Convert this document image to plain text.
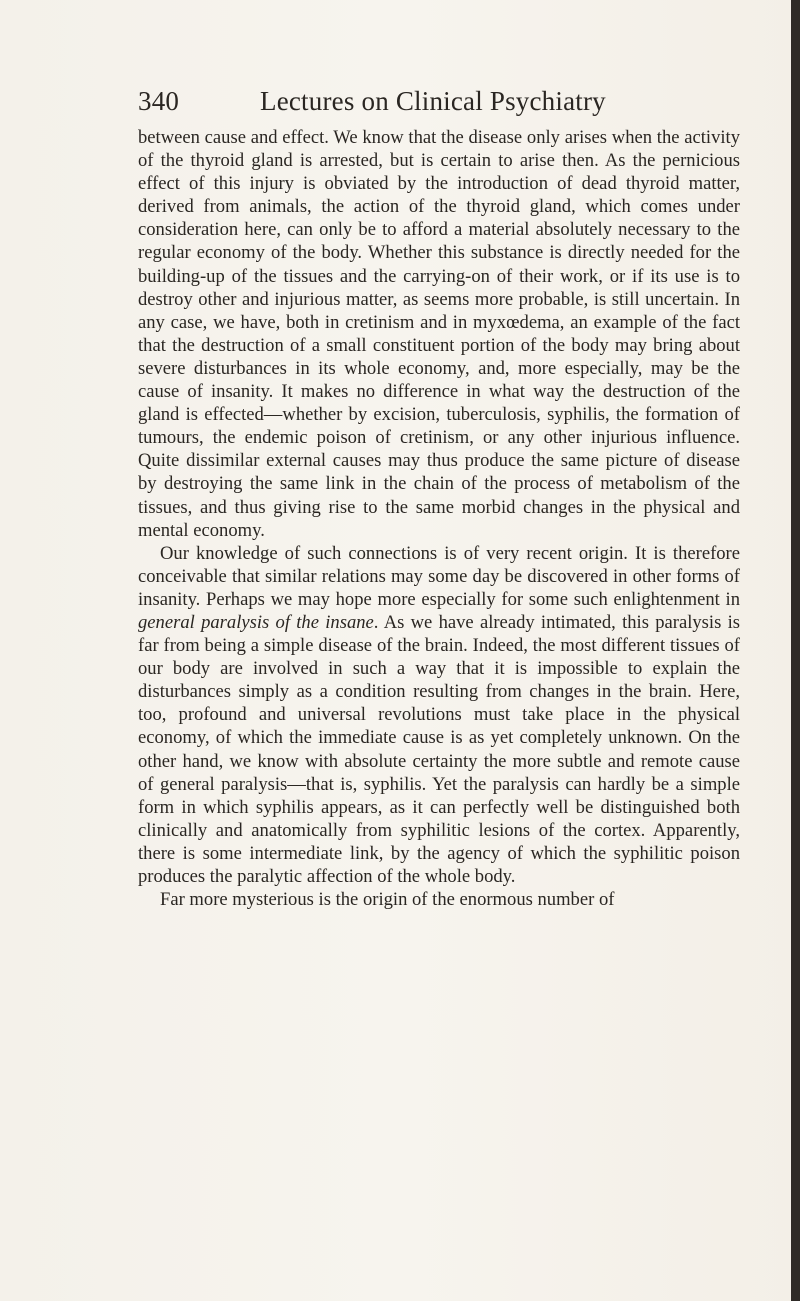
340	Lectures on Clinical Psychiatry

between cause and effect. We know that the disease only arises when the activity of the thyroid gland is arrested, but is certain to arise then. As the pernicious effect of this injury is obviated by the introduction of dead thyroid matter, derived from animals, the action of the thyroid gland, which comes under consideration here, can only be to afford a material absolutely necessary to the regular economy of the body. Whether this substance is directly needed for the building-up of the tissues and the carrying-on of their work, or if its use is to destroy other and injurious matter, as seems more probable, is still uncertain. In any case, we have, both in cretinism and in myxœdema, an example of the fact that the destruction of a small constituent portion of the body may bring about severe disturbances in its whole economy, and, more especially, may be the cause of insanity. It makes no difference in what way the destruction of the gland is effected—whether by excision, tuberculosis, syphilis, the formation of tumours, the endemic poison of cretinism, or any other injurious influence. Quite dissimilar external causes may thus produce the same picture of disease by destroying the same link in the chain of the process of metabolism of the tissues, and thus giving rise to the same morbid changes in the physical and mental economy.

Our knowledge of such connections is of very recent origin. It is therefore conceivable that similar relations may some day be discovered in other forms of insanity. Perhaps we may hope more especially for some such enlightenment in general paralysis of the insane. As we have already intimated, this paralysis is far from being a simple disease of the brain. Indeed, the most different tissues of our body are involved in such a way that it is impossible to explain the disturbances simply as a condition resulting from changes in the brain. Here, too, profound and universal revolutions must take place in the physical economy, of which the immediate cause is as yet completely unknown. On the other hand, we know with absolute certainty the more subtle and remote cause of general paralysis—that is, syphilis. Yet the paralysis can hardly be a simple form in which syphilis appears, as it can perfectly well be distinguished both clinically and anatomically from syphilitic lesions of the cortex. Apparently, there is some intermediate link, by the agency of which the syphilitic poison produces the paralytic affection of the whole body.

Far more mysterious is the origin of the enormous number of
